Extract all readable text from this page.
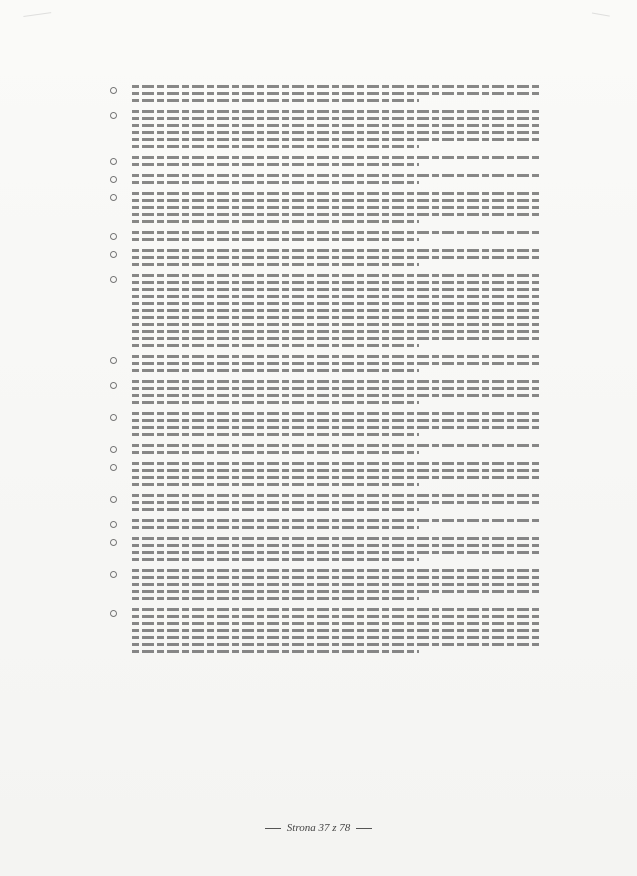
Strona 37 z 78
